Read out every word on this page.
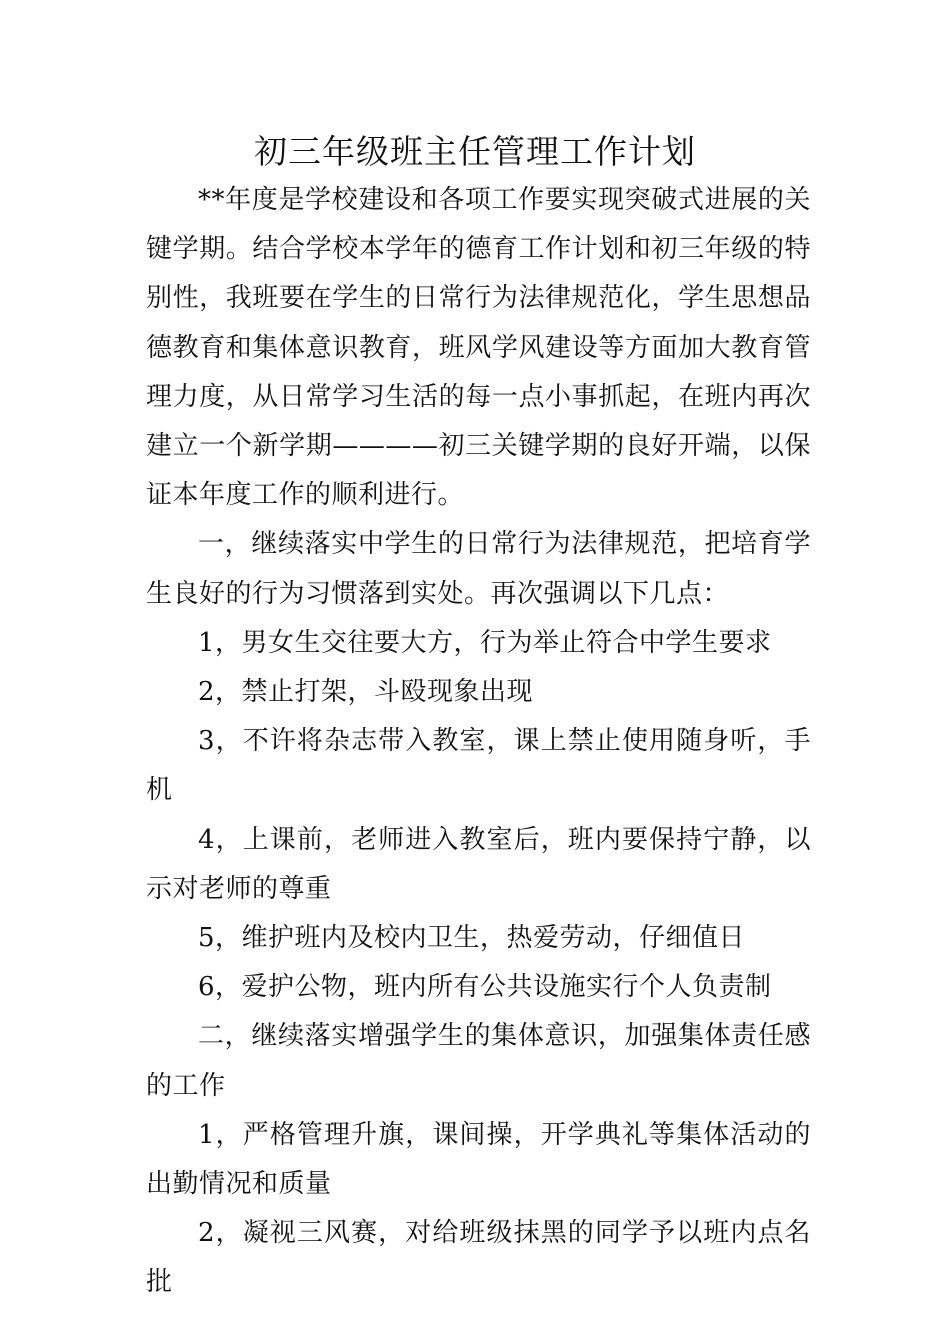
初三年级班主任管理工作计划

**年度是学校建设和各项工作要实现突破式进展的关键学期。结合学校本学年的德育工作计划和初三年级的特别性，我班要在学生的日常行为法律规范化，学生思想品德教育和集体意识教育，班风学风建设等方面加大教育管理力度，从日常学习生活的每一点小事抓起，在班内再次建立一个新学期————初三关键学期的良好开端，以保证本年度工作的顺利进行。

一，继续落实中学生的日常行为法律规范，把培育学生良好的行为习惯落到实处。再次强调以下几点：

1，男女生交往要大方，行为举止符合中学生要求

2，禁止打架，斗殴现象出现

3，不许将杂志带入教室，课上禁止使用随身听，手机

4，上课前，老师进入教室后，班内要保持宁静，以示对老师的尊重

5，维护班内及校内卫生，热爱劳动，仔细值日

6，爱护公物，班内所有公共设施实行个人负责制

二，继续落实增强学生的集体意识，加强集体责任感的工作

1，严格管理升旗，课间操，开学典礼等集体活动的出勤情况和质量

2，凝视三风赛，对给班级抹黑的同学予以班内点名批
